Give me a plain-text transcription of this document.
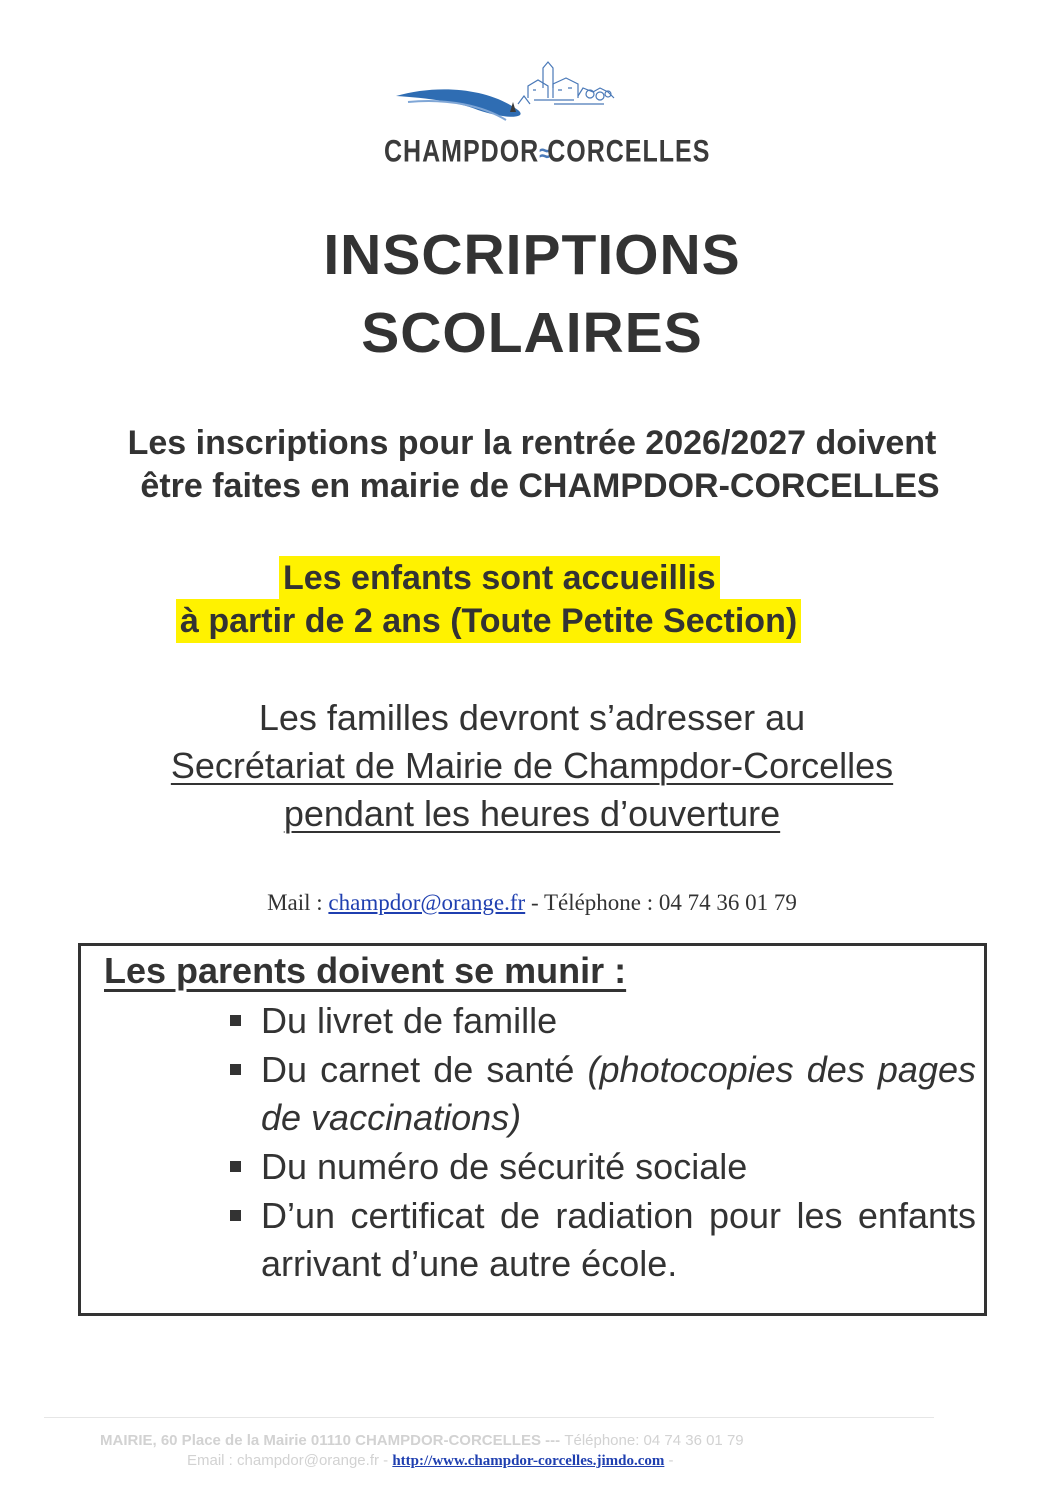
CHAMPDOR≈CORCELLES
INSCRIPTIONS
SCOLAIRES
Les inscriptions pour la rentrée 2026/2027 doivent
être faites en mairie de CHAMPDOR-CORCELLES
Les enfants sont accueillis
à partir de 2 ans (Toute Petite Section)
Les familles devront s’adresser au
Secrétariat de Mairie de Champdor-Corcelles
pendant les heures d’ouverture
Mail : champdor@orange.fr - Téléphone : 04 74 36 01 79
Les parents doivent se munir :
Du livret de famille
Du carnet de santé (photocopies des pages de vaccinations)
Du numéro de sécurité sociale
D’un certificat de radiation pour les enfants arrivant d’une autre école.
MAIRIE, 60 Place de la Mairie 01110 CHAMPDOR-CORCELLES --- Téléphone: 04 74 36 01 79
Email : champdor@orange.fr - http://www.champdor-corcelles.jimdo.com -
